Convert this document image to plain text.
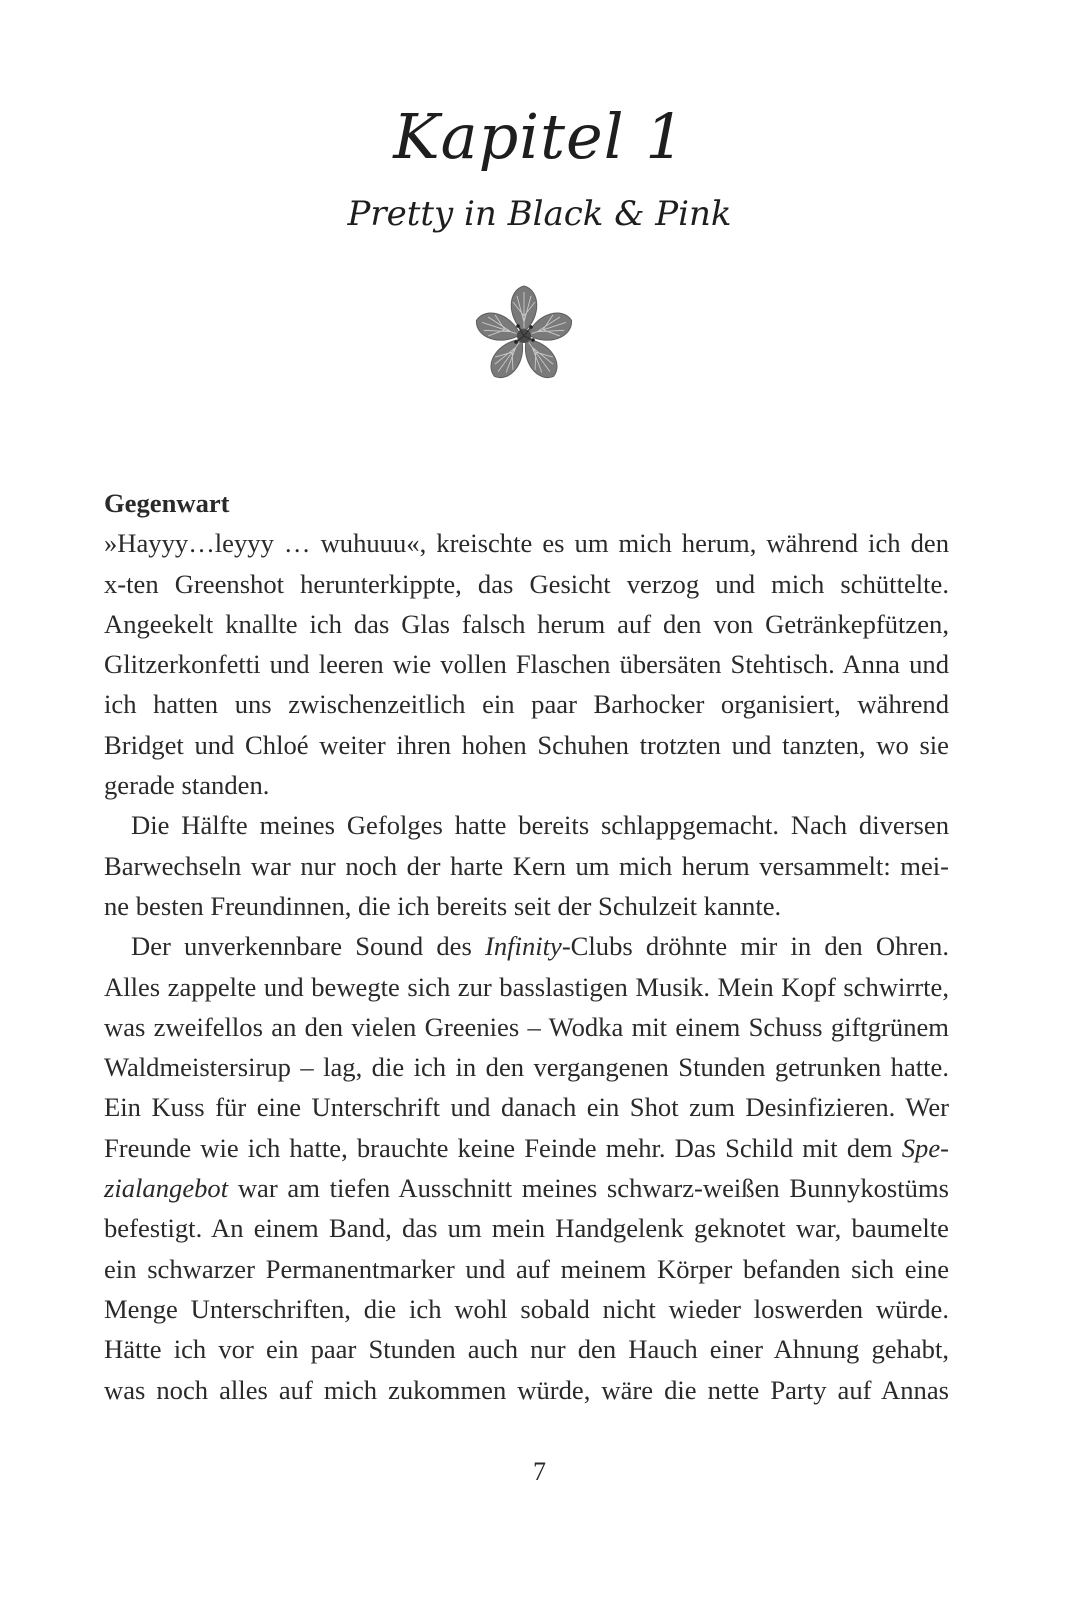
Kapitel 1
Pretty in Black & Pink
Gegenwart
»Hayyy…leyyy … wuhuuu«, kreischte es um mich herum, während ich den
x-ten Greenshot herunterkippte, das Gesicht verzog und mich schüttelte.
Angeekelt knallte ich das Glas falsch herum auf den von Getränkepfützen,
Glitzerkonfetti und leeren wie vollen Flaschen übersäten Stehtisch. Anna und
ich hatten uns zwischenzeitlich ein paar Barhocker organisiert, während
Bridget und Chloé weiter ihren hohen Schuhen trotzten und tanzten, wo sie
gerade standen.
Die Hälfte meines Gefolges hatte bereits schlappgemacht. Nach diversen
Barwechseln war nur noch der harte Kern um mich herum versammelt: mei-
ne besten Freundinnen, die ich bereits seit der Schulzeit kannte.
Der unverkennbare Sound des Infinity-Clubs dröhnte mir in den Ohren.
Alles zappelte und bewegte sich zur basslastigen Musik. Mein Kopf schwirrte,
was zweifellos an den vielen Greenies – Wodka mit einem Schuss giftgrünem
Waldmeistersirup – lag, die ich in den vergangenen Stunden getrunken hatte.
Ein Kuss für eine Unterschrift und danach ein Shot zum Desinfizieren. Wer
Freunde wie ich hatte, brauchte keine Feinde mehr. Das Schild mit dem Spe-
zialangebot war am tiefen Ausschnitt meines schwarz-weißen Bunnykostüms
befestigt. An einem Band, das um mein Handgelenk geknotet war, baumelte
ein schwarzer Permanentmarker und auf meinem Körper befanden sich eine
Menge Unterschriften, die ich wohl sobald nicht wieder loswerden würde.
Hätte ich vor ein paar Stunden auch nur den Hauch einer Ahnung gehabt,
was noch alles auf mich zukommen würde, wäre die nette Party auf Annas
7
